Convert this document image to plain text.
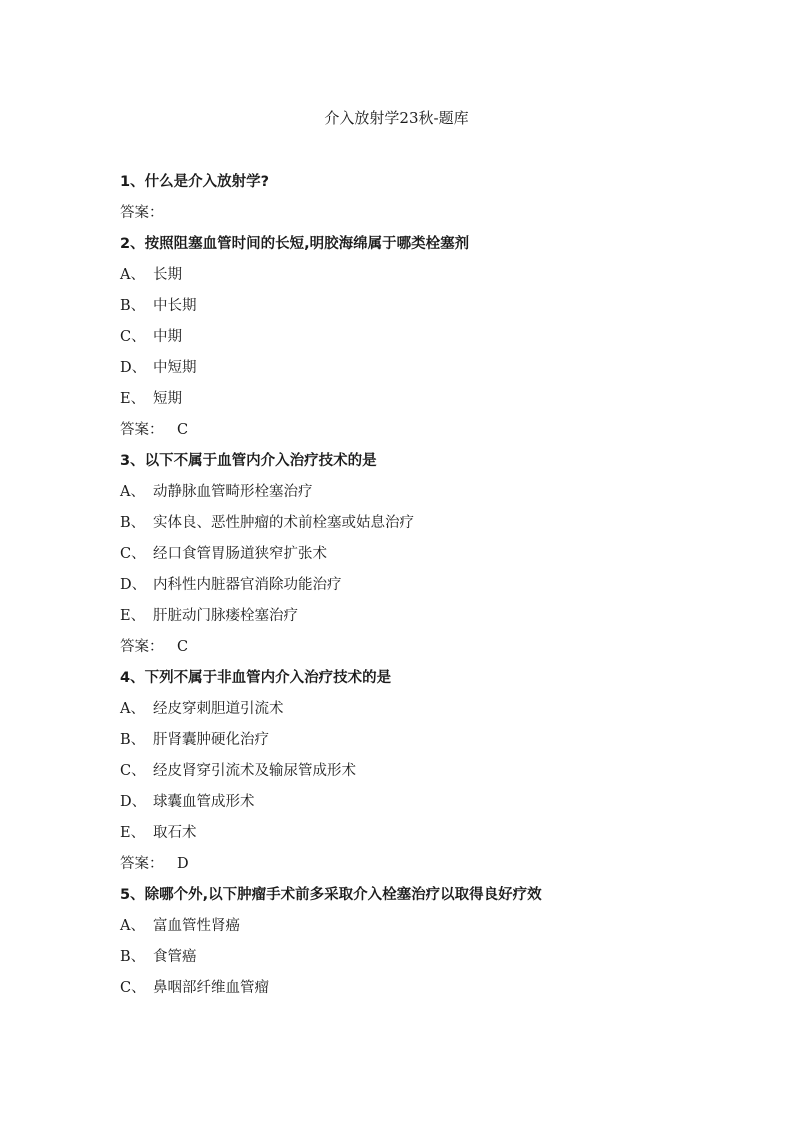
介入放射学23秋-题库
1、什么是介入放射学?
答案：
2、按照阻塞血管时间的长短,明胶海绵属于哪类栓塞剂
A、 长期
B、 中长期
C、 中期
D、 中短期
E、 短期
答案： C
3、以下不属于血管内介入治疗技术的是
A、 动静脉血管畸形栓塞治疗
B、 实体良、恶性肿瘤的术前栓塞或姑息治疗
C、 经口食管胃肠道狭窄扩张术
D、 内科性内脏器官消除功能治疗
E、 肝脏动门脉瘘栓塞治疗
答案： C
4、下列不属于非血管内介入治疗技术的是
A、 经皮穿刺胆道引流术
B、 肝肾囊肿硬化治疗
C、 经皮肾穿引流术及输尿管成形术
D、 球囊血管成形术
E、 取石术
答案： D
5、除哪个外,以下肿瘤手术前多采取介入栓塞治疗以取得良好疗效
A、 富血管性肾癌
B、 食管癌
C、 鼻咽部纤维血管瘤
